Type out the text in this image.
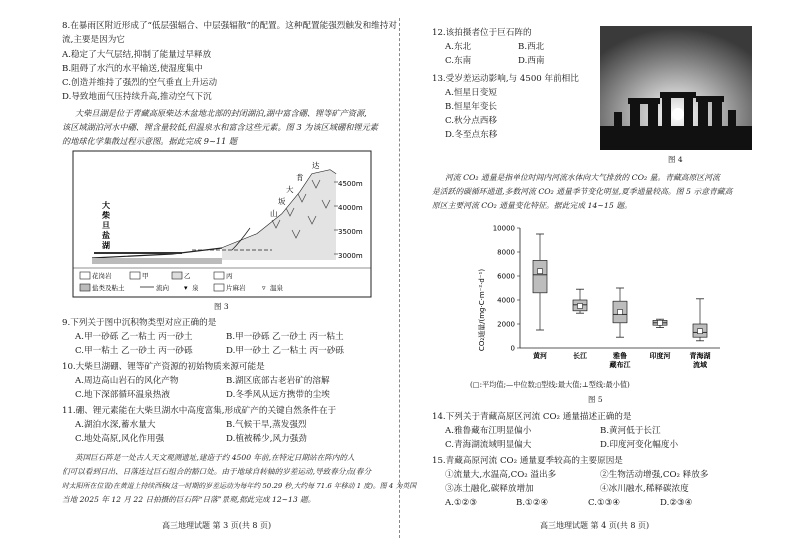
8.在暴雨区附近形成了“低层强辐合、中层强辐散”的配置。这种配置能强烈触发和维持对
流,主要是因为它
A.稳定了大气层结,抑制了能量过早释放
B.阻碍了水汽的水平输送,使湿度集中
C.创造并维持了强烈的空气垂直上升运动
D.导致地面气压持续升高,推动空气下沉
大柴旦湖是位于青藏高原柴达木盆地北部的封闭湖泊,湖中富含硼、锂等矿产资源,
该区域湖泊河水中硼、锂含量较低,但温泉水和富含这些元素。图 3 为该区域硼和锂元素
的地球化学集散过程示意图。据此完成 9~11 题
4500m
4000m
3500m
3000m
大
柴
旦
盐
湖
达
肯
大
坂
山
花岗岩	甲	乙	丙
盐类及粘土	流向 ▾ 泉	片麻岩 ▿ 温泉
图 3
9.下列关于图中沉积物类型对应正确的是
A.甲一砂砾 乙一粘土 丙一砂土	B.甲一砂砾 乙一砂土 丙一粘土
C.甲一粘土 乙一砂土 丙一砂砾	D.甲一砂土 乙一粘土 丙一砂砾
10.大柴旦湖硼、锂等矿产资源的初始物质来源可能是
A.周边高山岩石的风化产物	B.湖区底部古老岩矿的溶解
C.地下深部循环温泉热液	D.冬季风从远方携带的尘埃
11.硼、锂元素能在大柴旦湖水中高度富集,形成矿产的关键自然条件在于
A.湖泊水深,蓄水量大	B.气候干旱,蒸发强烈
C.地处高原,风化作用强	D.植被稀少,风力强劲
英国巨石阵是一处古人天文观测遗址,建造于约 4500 年前,在特定日期站在阵内的人
们可以看到日出、日落连过巨石组合的豁口处。由于地球自转轴的岁差运动,导致春分点(春分
时太阳所在位置)在黄道上持续西移(这一时期的岁差运动为每年约 50.29 秒,大约每 71.6 年移动 1 度)。图 4 为英国
当地 2025 年 12 月 22 日拍摄的巨石阵“日落”景观,据此完成 12~13 题。
高三地理试题 第 3 页(共 8 页)
12.该拍摄者位于巨石阵的
A.东北	B.西北
C.东南	D.西南
13.受岁差运动影响,与 4500 年前相比
A.恒星日变短
B.恒星年变长
C.秋分点西移
D.冬至点东移
图 4
河流 CO₂ 通量是指单位时间内河流水体向大气排放的 CO₂ 量。青藏高原区河流
是活跃的碳循环通道,多数河流 CO₂ 通量季节变化明显,夏季通量较高。图 5 示意青藏高
原区主要河流 CO₂ 通量变化特征。据此完成 14~15 题。
0
2000
4000
6000
8000
10000
黄河	长江	雅鲁
藏布江
印度河	青海湖
流域
CO₂通量/(mg·C·m⁻²·d⁻¹)
(□:平均值;—中位数;▯型线:最大值;⊥型线:最小值)
图 5
14.下列关于青藏高原区河流 CO₂ 通量描述正确的是
A.雅鲁藏布江明显偏小	B.黄河低于长江
C.青海湖流域明显偏大	D.印度河变化幅度小
15.青藏高原河流 CO₂ 通量夏季较高的主要原因是
①流量大,水温高,CO₂ 溢出多	②生物活动增强,CO₂ 释放多
③冻土融化,碳释放增加	④冰川融水,稀释碳浓度
A.①②③	B.①②④	C.①③④	D.②③④
高三地理试题 第 4 页(共 8 页)
